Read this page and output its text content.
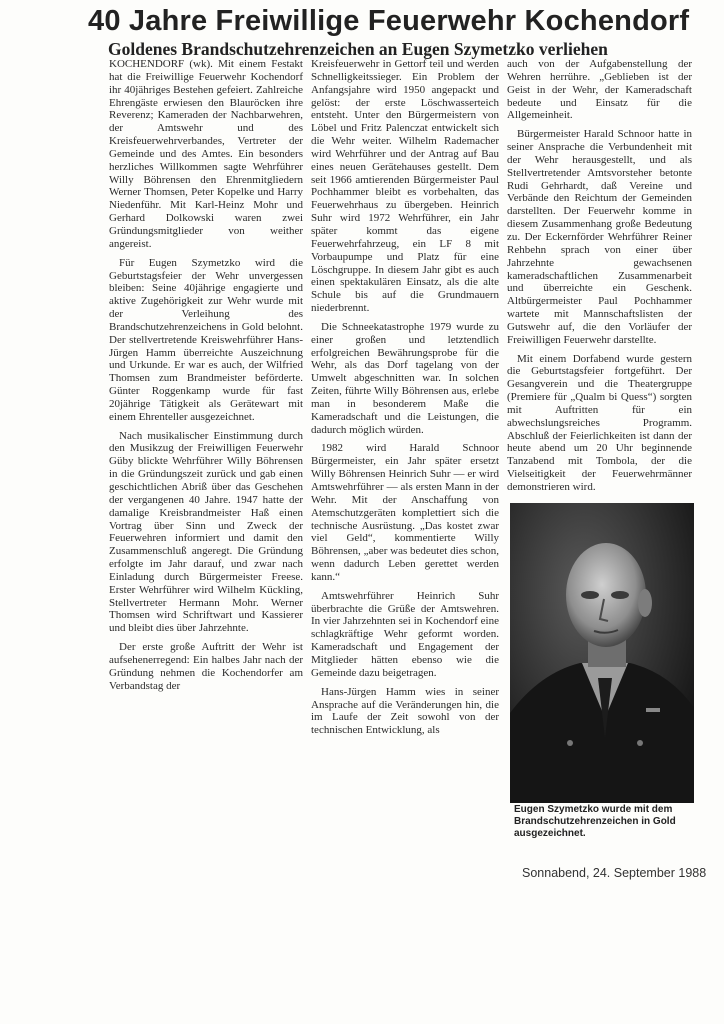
40 Jahre Freiwillige Feuerwehr Kochendorf
Goldenes Brandschutzehrenzeichen an Eugen Szymetzko verliehen

KOCHENDORF (wk). Mit einem Festakt hat die Freiwillige Feuerwehr Kochendorf ihr 40jähriges Bestehen gefeiert. Zahlreiche Ehrengäste erwiesen den Blauröcken ihre Reverenz; Kameraden der Nachbarwehren, der Amtswehr und des Kreisfeuerwehrverbandes, Vertreter der Gemeinde und des Amtes. Ein besonders herzliches Willkommen sagte Wehrführer Willy Böhrensen den Ehrenmitgliedern Werner Thomsen, Peter Kopelke und Harry Niedenführ. Mit Karl-Heinz Mohr und Gerhard Dolkowski waren zwei Gründungsmitglieder von weither angereist.

Für Eugen Szymetzko wird die Geburtstagsfeier der Wehr unvergessen bleiben: Seine 40jährige engagierte und aktive Zugehörigkeit zur Wehr wurde mit der Verleihung des Brandschutzehrenzeichens in Gold belohnt. Der stellvertretende Kreiswehrführer Hans-Jürgen Hamm überreichte Auszeichnung und Urkunde. Er war es auch, der Wilfried Thomsen zum Brandmeister beförderte. Günter Roggenkamp wurde für fast 20jährige Tätigkeit als Gerätewart mit einem Ehrenteller ausgezeichnet.

Nach musikalischer Einstimmung durch den Musikzug der Freiwilligen Feuerwehr Güby blickte Wehrführer Willy Böhrensen in die Gründungszeit zurück und gab einen geschichtlichen Abriß über das Geschehen der vergangenen 40 Jahre. 1947 hatte der damalige Kreisbrandmeister Haß einen Vortrag über Sinn und Zweck der Feuerwehren informiert und damit den Zusammenschluß angeregt. Die Gründung erfolgte im Jahr darauf, und zwar nach Einladung durch Bürgermeister Freese. Erster Wehrführer wird Wilhelm Kückling, Stellvertreter Hermann Mohr. Werner Thomsen wird Schriftwart und Kassierer und bleibt dies über Jahrzehnte.

Der erste große Auftritt der Wehr ist aufsehenerregend: Ein halbes Jahr nach der Gründung nehmen die Kochendorfer am Verbandstag der

Kreisfeuerwehr in Gettorf teil und werden Schnelligkeitssieger. Ein Problem der Anfangsjahre wird 1950 angepackt und gelöst: der erste Löschwasserteich entsteht. Unter den Bürgermeistern von Löbel und Fritz Palenczat entwickelt sich die Wehr weiter. Wilhelm Rademacher wird Wehrführer und der Antrag auf Bau eines neuen Gerätehauses gestellt. Dem seit 1966 amtierenden Bürgermeister Paul Pochhammer bleibt es vorbehalten, das Feuerwehrhaus zu übergeben. Heinrich Suhr wird 1972 Wehrführer, ein Jahr später kommt das eigene Feuerwehrfahrzeug, ein LF 8 mit Vorbaupumpe und Platz für eine Löschgruppe. In diesem Jahr gibt es auch einen spektakulären Einsatz, als die alte Schule bis auf die Grundmauern niederbrennt.

Die Schneekatastrophe 1979 wurde zu einer großen und letztendlich erfolgreichen Bewährungsprobe für die Wehr, als das Dorf tagelang von der Umwelt abgeschnitten war. In solchen Zeiten, führte Willy Böhrensen aus, erlebe man in besonderem Maße die Kameradschaft und die Leistungen, die dadurch möglich würden.

1982 wird Harald Schnoor Bürgermeister, ein Jahr später ersetzt Willy Böhrensen Heinrich Suhr — er wird Amtswehrführer — als ersten Mann in der Wehr. Mit der Anschaffung von Atemschutzgeräten komplettiert sich die technische Ausrüstung. „Das kostet zwar viel Geld“, kommentierte Willy Böhrensen, „aber was bedeutet dies schon, wenn dadurch Leben gerettet werden kann.“

Amtswehrführer Heinrich Suhr überbrachte die Grüße der Amtswehren. In vier Jahrzehnten sei in Kochendorf eine schlagkräftige Wehr geformt worden. Kameradschaft und Engagement der Mitglieder hätten ebenso wie die Gemeinde dazu beigetragen.

Hans-Jürgen Hamm wies in seiner Ansprache auf die Veränderungen hin, die im Laufe der Zeit sowohl von der technischen Entwicklung, als

auch von der Aufgabenstellung der Wehren herrühre. „Geblieben ist der Geist in der Wehr, der Kameradschaft bedeute und Einsatz für die Allgemeinheit.

Bürgermeister Harald Schnoor hatte in seiner Ansprache die Verbundenheit mit der Wehr herausgestellt, und als Stellvertretender Amtsvorsteher betonte Rudi Gehrhardt, daß Vereine und Verbände den Reichtum der Gemeinden darstellten. Der Feuerwehr komme in diesem Zusammenhang große Bedeutung zu. Der Eckernförder Wehrführer Reiner Rehbehn sprach von einer über Jahrzehnte gewachsenen kameradschaftlichen Zusammenarbeit und überreichte ein Geschenk. Altbürgermeister Paul Pochhammer wartete mit Mannschaftslisten der Gutswehr auf, die den Vorläufer der Freiwilligen Feuerwehr darstellte.

Mit einem Dorfabend wurde gestern die Geburtstagsfeier fortgeführt. Der Gesangverein und die Theatergruppe (Premiere für „Qualm bi Quess“) sorgten mit Auftritten für ein abwechslungsreiches Programm. Abschluß der Feierlichkeiten ist dann der heute abend um 20 Uhr beginnende Tanzabend mit Tombola, der die Vielseitigkeit der Feuerwehrmänner demonstrieren wird.

Eugen Szymetzko wurde mit dem Brandschutzehrenzeichen in Gold ausgezeichnet.
Sonnabend, 24. September 1988
